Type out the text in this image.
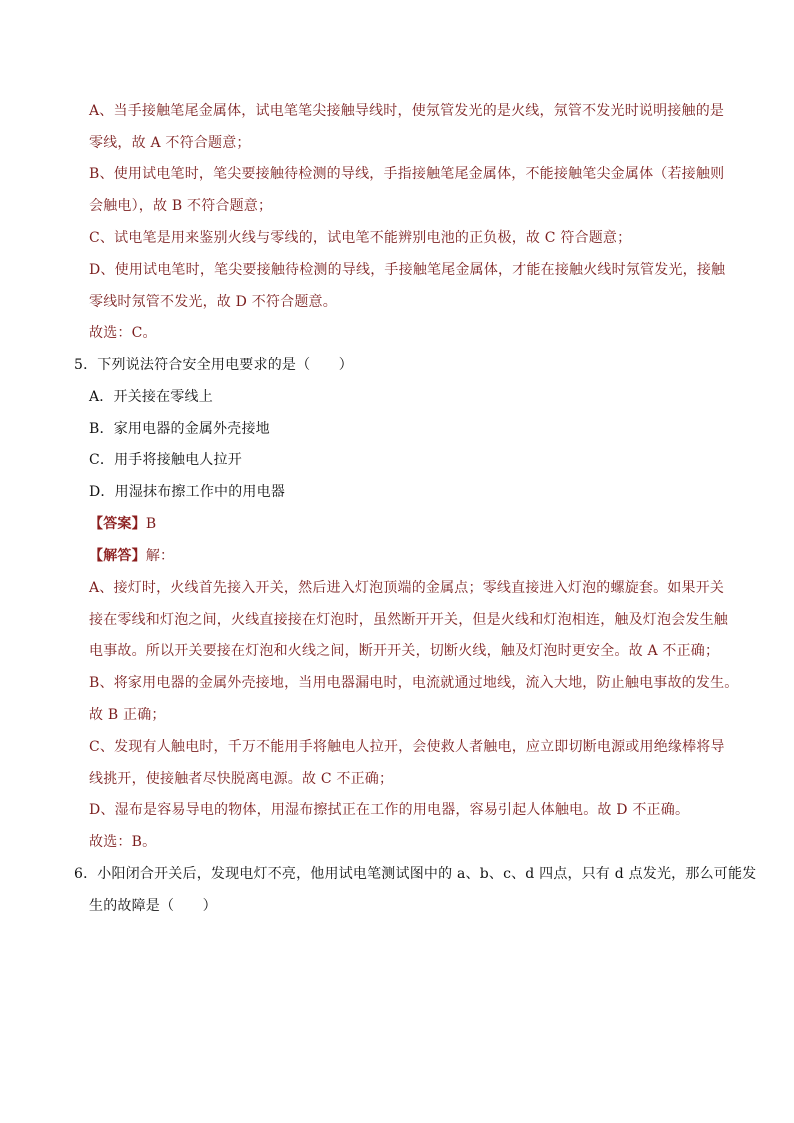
A、当手接触笔尾金属体，试电笔笔尖接触导线时，使氖管发光的是火线，氖管不发光时说明接触的是
零线，故 A 不符合题意；
B、使用试电笔时，笔尖要接触待检测的导线，手指接触笔尾金属体，不能接触笔尖金属体（若接触则
会触电），故 B 不符合题意；
C、试电笔是用来鉴别火线与零线的，试电笔不能辨别电池的正负极，故 C 符合题意；
D、使用试电笔时，笔尖要接触待检测的导线，手接触笔尾金属体，才能在接触火线时氖管发光，接触
零线时氖管不发光，故 D 不符合题意。
故选：C。
5．下列说法符合安全用电要求的是（　　）
A．开关接在零线上
B．家用电器的金属外壳接地
C．用手将接触电人拉开
D．用湿抹布擦工作中的用电器
【答案】B
【解答】解：
A、接灯时，火线首先接入开关，然后进入灯泡顶端的金属点；零线直接进入灯泡的螺旋套。如果开关
接在零线和灯泡之间，火线直接接在灯泡时，虽然断开开关，但是火线和灯泡相连，触及灯泡会发生触
电事故。所以开关要接在灯泡和火线之间，断开开关，切断火线，触及灯泡时更安全。故 A 不正确；
B、将家用电器的金属外壳接地，当用电器漏电时，电流就通过地线，流入大地，防止触电事故的发生。
故 B 正确；
C、发现有人触电时，千万不能用手将触电人拉开，会使救人者触电，应立即切断电源或用绝缘棒将导
线挑开，使接触者尽快脱离电源。故 C 不正确；
D、湿布是容易导电的物体，用湿布擦拭正在工作的用电器，容易引起人体触电。故 D 不正确。
故选：B。
6．小阳闭合开关后，发现电灯不亮，他用试电笔测试图中的 a、b、c、d 四点，只有 d 点发光，那么可能发
生的故障是（　　）
